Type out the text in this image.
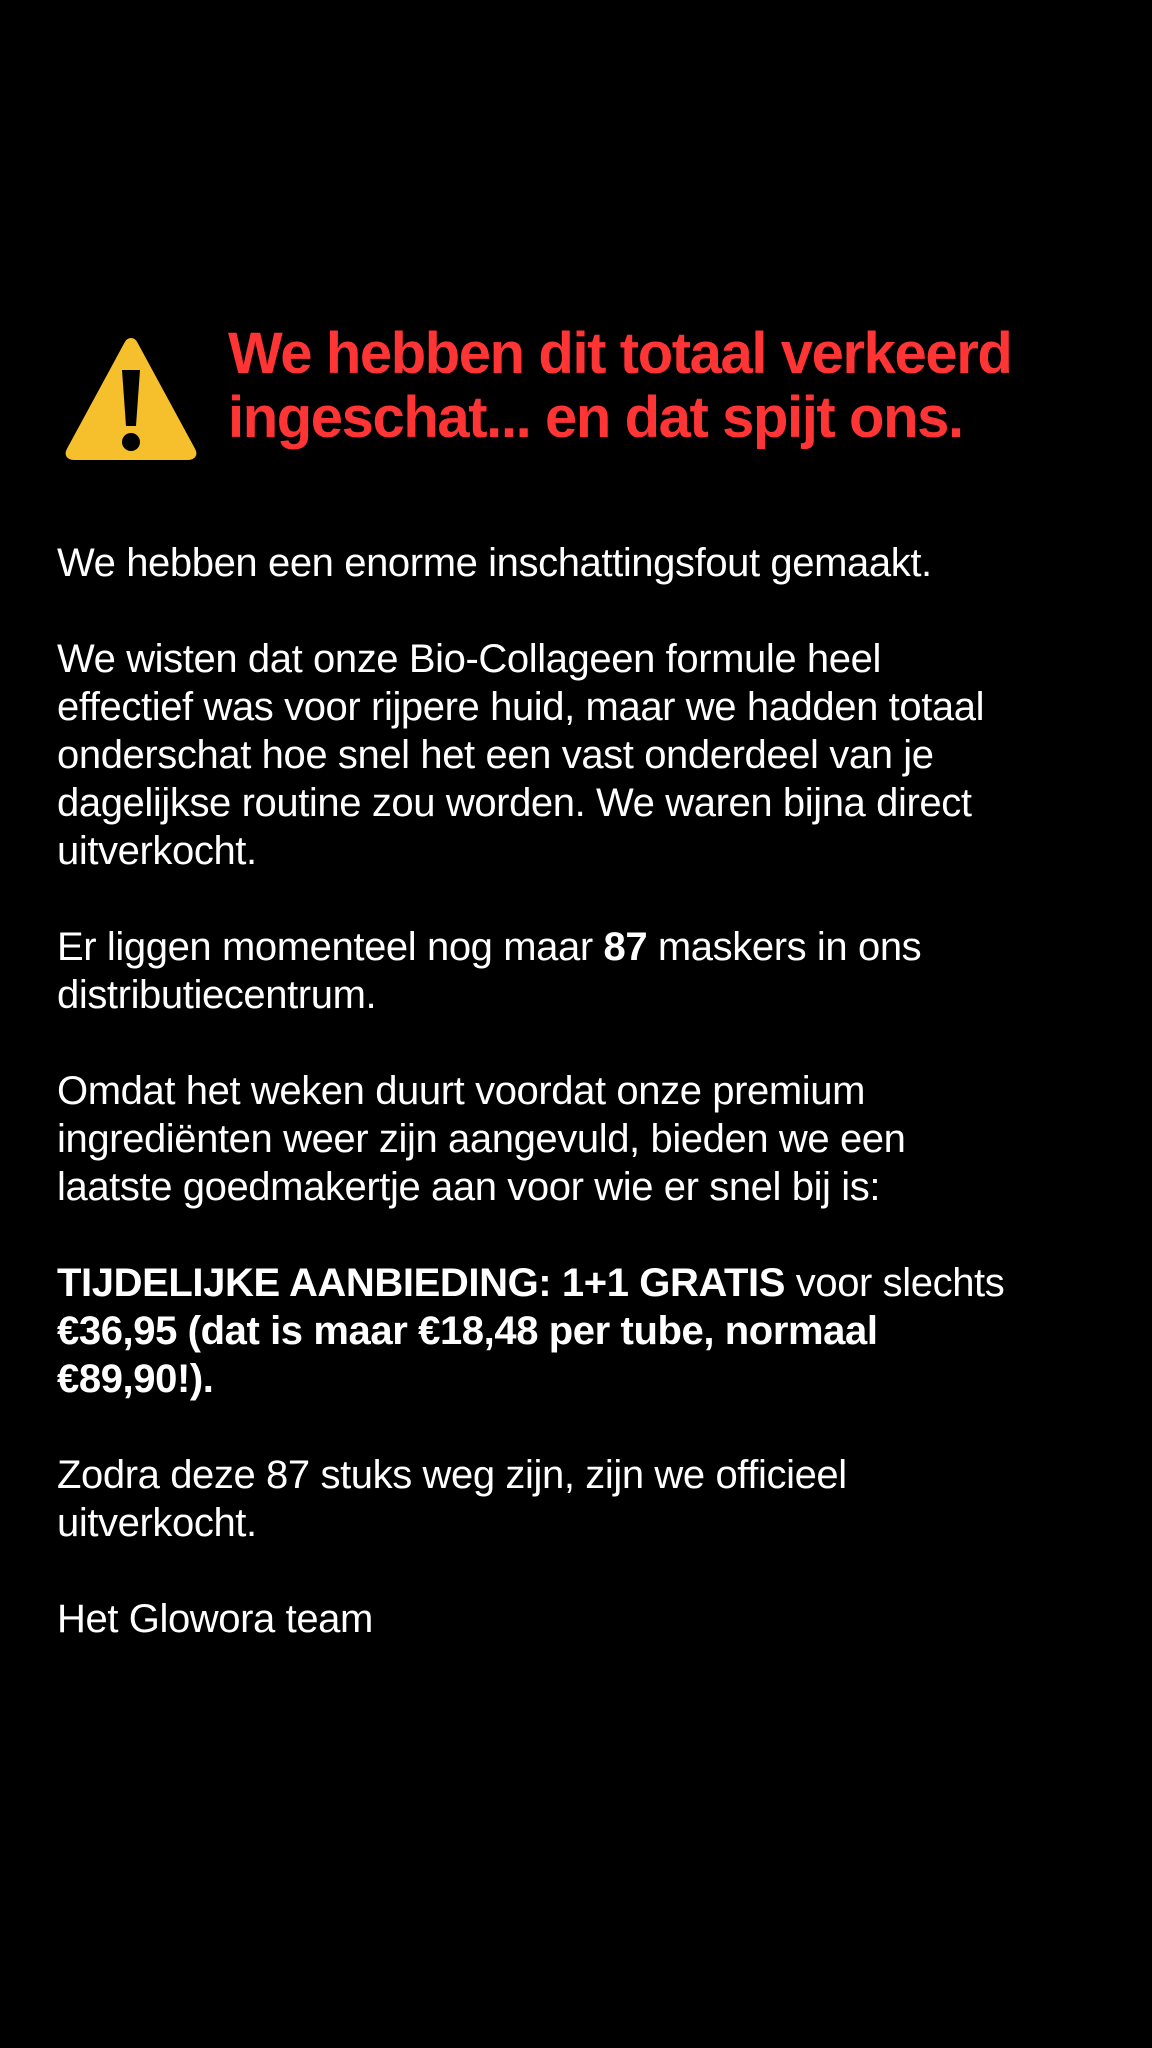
We hebben dit totaal verkeerd
ingeschat... en dat spijt ons.

We hebben een enorme inschattingsfout gemaakt.

We wisten dat onze Bio-Collageen formule heel
effectief was voor rijpere huid, maar we hadden totaal
onderschat hoe snel het een vast onderdeel van je
dagelijkse routine zou worden. We waren bijna direct
uitverkocht.

Er liggen momenteel nog maar 87 maskers in ons
distributiecentrum.

Omdat het weken duurt voordat onze premium
ingrediënten weer zijn aangevuld, bieden we een
laatste goedmakertje aan voor wie er snel bij is:

TIJDELIJKE AANBIEDING: 1+1 GRATIS voor slechts
€36,95 (dat is maar €18,48 per tube, normaal
€89,90!).

Zodra deze 87 stuks weg zijn, zijn we officieel
uitverkocht.

Het Glowora team
